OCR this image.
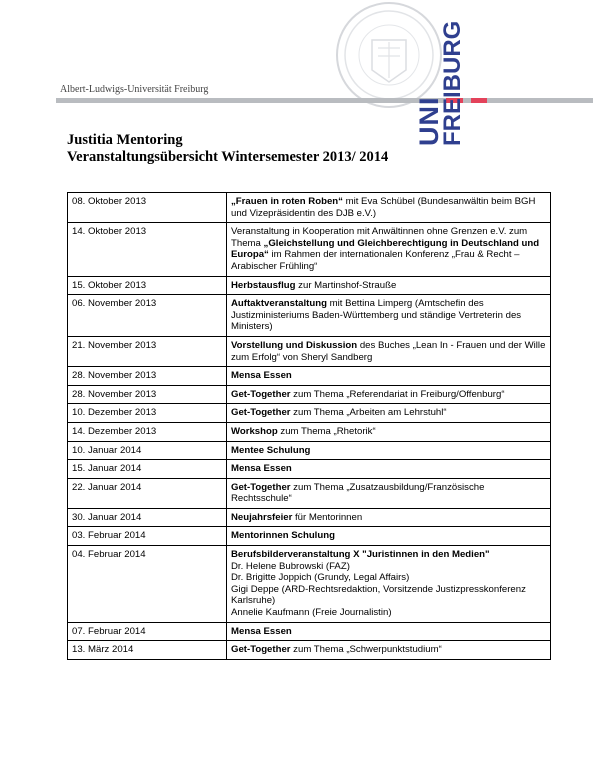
Albert-Ludwigs-Universität Freiburg
UNI
FREIBURG
Justitia Mentoring
Veranstaltungsübersicht Wintersemester 2013/ 2014
08. Oktober 2013	„Frauen in roten Roben“ mit Eva Schübel (Bundesanwältin beim BGH und Vizepräsidentin des DJB e.V.)
14. Oktober 2013	Veranstaltung in Kooperation mit Anwältinnen ohne Grenzen e.V. zum Thema „Gleichstellung und Gleichberechtigung in Deutschland und Europa“ im Rahmen der internationalen Konferenz „Frau & Recht – Arabischer Frühling“
15. Oktober 2013	Herbstausflug zur Martinshof-Strauße
06. November 2013	Auftaktveranstaltung mit Bettina Limperg (Amtschefin des Justizministeriums Baden-Württemberg und ständige Vertreterin des Ministers)
21. November 2013	Vorstellung und Diskussion des Buches „Lean In - Frauen und der Wille zum Erfolg“ von Sheryl Sandberg
28. November 2013	Mensa Essen
28. November 2013	Get-Together zum Thema „Referendariat in Freiburg/Offenburg“
10. Dezember 2013	Get-Together zum Thema „Arbeiten am Lehrstuhl“
14. Dezember 2013	Workshop zum Thema „Rhetorik“
10. Januar 2014	Mentee Schulung
15. Januar 2014	Mensa Essen
22. Januar 2014	Get-Together zum Thema „Zusatzausbildung/Französische Rechtsschule“
30. Januar 2014	Neujahrsfeier für Mentorinnen
03. Februar 2014	Mentorinnen Schulung
04. Februar 2014	Berufsbilderveranstaltung X "Juristinnen in den Medien"
Dr. Helene Bubrowski (FAZ)
Dr. Brigitte Joppich (Grundy, Legal Affairs)
Gigi Deppe (ARD-Rechtsredaktion, Vorsitzende Justizpresskonferenz Karlsruhe)
Annelie Kaufmann (Freie Journalistin)

07. Februar 2014	Mensa Essen
13. März 2014	Get-Together zum Thema „Schwerpunktstudium“
